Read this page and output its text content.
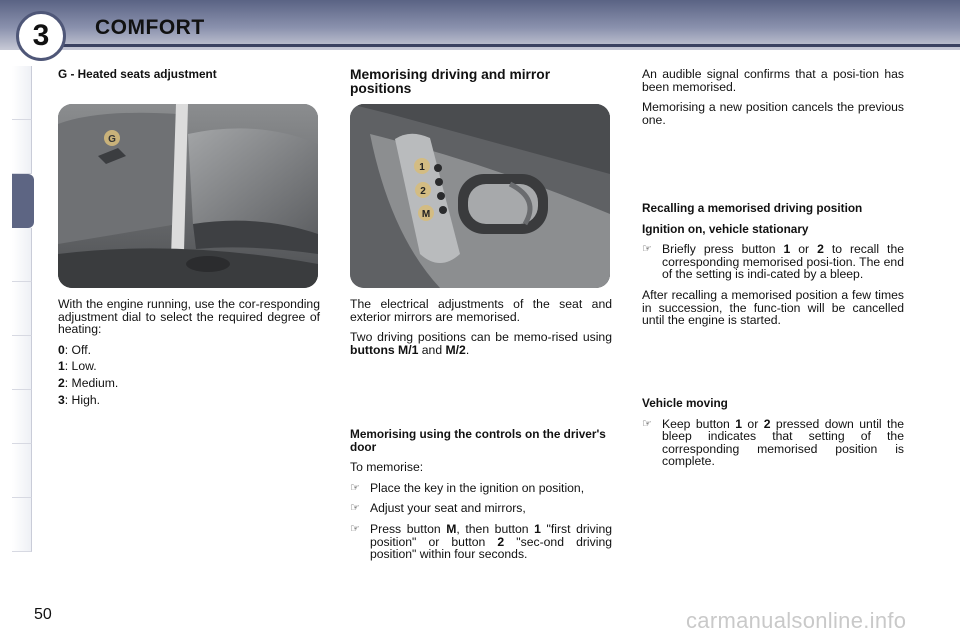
3	COMFORT
G - Heated seats adjustment
G

With the engine running, use the cor-responding adjustment dial to select the required degree of heating:

0: Off.
1: Low.
2: Medium.
3: High.
Memorising driving and mirror positions
1
2
M

The electrical adjustments of the seat and exterior mirrors are memorised.

Two driving positions can be memo-rised using buttons M/1 and M/2.

Memorising using the controls on the driver's door

To memorise:

☞ Place the key in the ignition on position,
☞ Adjust your seat and mirrors,
☞ Press button M, then button 1 "first driving position" or button 2 "sec-ond driving position" within four seconds.

An audible signal confirms that a posi-tion has been memorised.

Memorising a new position cancels the previous one.

Recalling a memorised driving position
Ignition on, vehicle stationary
☞ Briefly press button 1 or 2 to recall the corresponding memorised posi-tion. The end of the setting is indi-cated by a bleep.

After recalling a memorised position a few times in succession, the func-tion will be cancelled until the engine is started.

Vehicle moving
☞ Keep button 1 or 2 pressed down until the bleep indicates that setting of the corresponding memorised position is complete.
50	carmanualsonline.info
